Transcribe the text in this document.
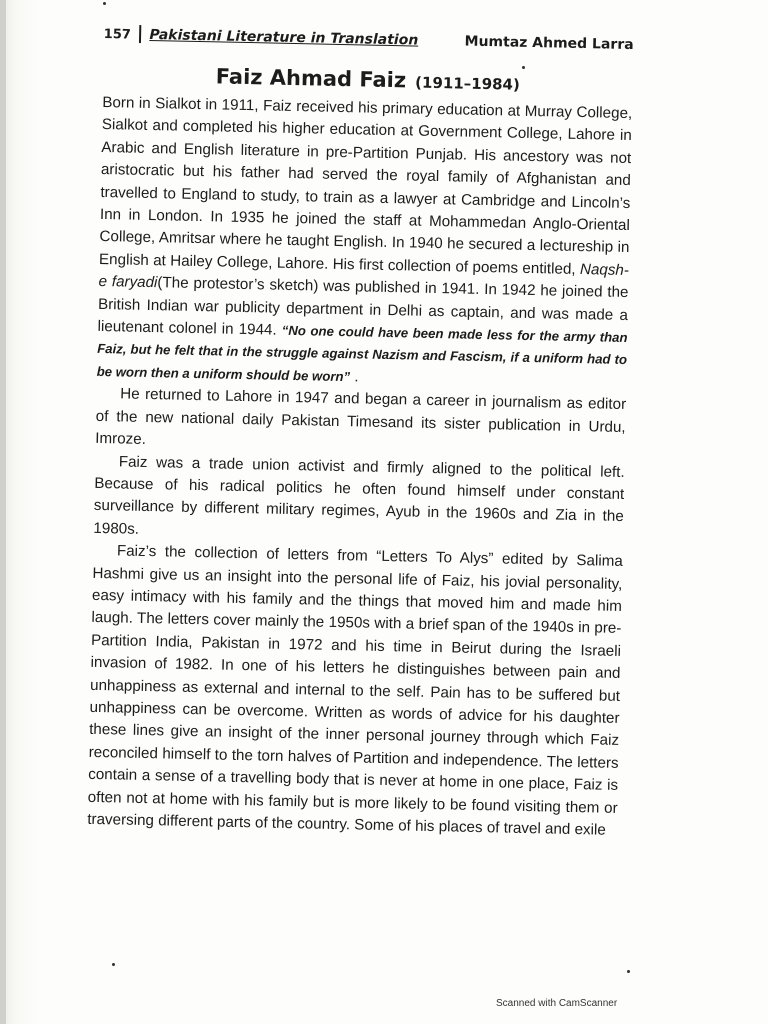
157 | Pakistani Literature in Translation	Mumtaz Ahmed Larra
Faiz Ahmad Faiz (1911–1984)

Born in Sialkot in 1911, Faiz received his primary education at Murray College, Sialkot and completed his higher education at Government College, Lahore in Arabic and English literature in pre-Partition Punjab. His ancestory was not aristocratic but his father had served the royal family of Afghanistan and travelled to England to study, to train as a lawyer at Cambridge and Lincoln’s Inn in London. In 1935 he joined the staff at Mohammedan Anglo-Oriental College, Amritsar where he taught English. In 1940 he secured a lectureship in English at Hailey College, Lahore. His first collection of poems entitled, Naqsh-e faryadi(The protestor’s sketch) was published in 1941. In 1942 he joined the British Indian war publicity department in Delhi as captain, and was made a lieutenant colonel in 1944. “No one could have been made less for the army than Faiz, but he felt that in the struggle against Nazism and Fascism, if a uniform had to be worn then a uniform should be worn” .

He returned to Lahore in 1947 and began a career in journalism as editor of the new national daily Pakistan Timesand its sister publication in Urdu, Imroze.

Faiz was a trade union activist and firmly aligned to the political left. Because of his radical politics he often found himself under constant surveillance by different military regimes, Ayub in the 1960s and Zia in the 1980s.

Faiz’s the collection of letters from “Letters To Alys” edited by Salima Hashmi give us an insight into the personal life of Faiz, his jovial personality, easy intimacy with his family and the things that moved him and made him laugh. The letters cover mainly the 1950s with a brief span of the 1940s in pre-Partition India, Pakistan in 1972 and his time in Beirut during the Israeli invasion of 1982. In one of his letters he distinguishes between pain and unhappiness as external and internal to the self. Pain has to be suffered but unhappiness can be overcome. Written as words of advice for his daughter these lines give an insight of the inner personal journey through which Faiz reconciled himself to the torn halves of Partition and independence. The letters contain a sense of a travelling body that is never at home in one place, Faiz is often not at home with his family but is more likely to be found visiting them or traversing different parts of the country. Some of his places of travel and exile

Scanned with CamScanner
